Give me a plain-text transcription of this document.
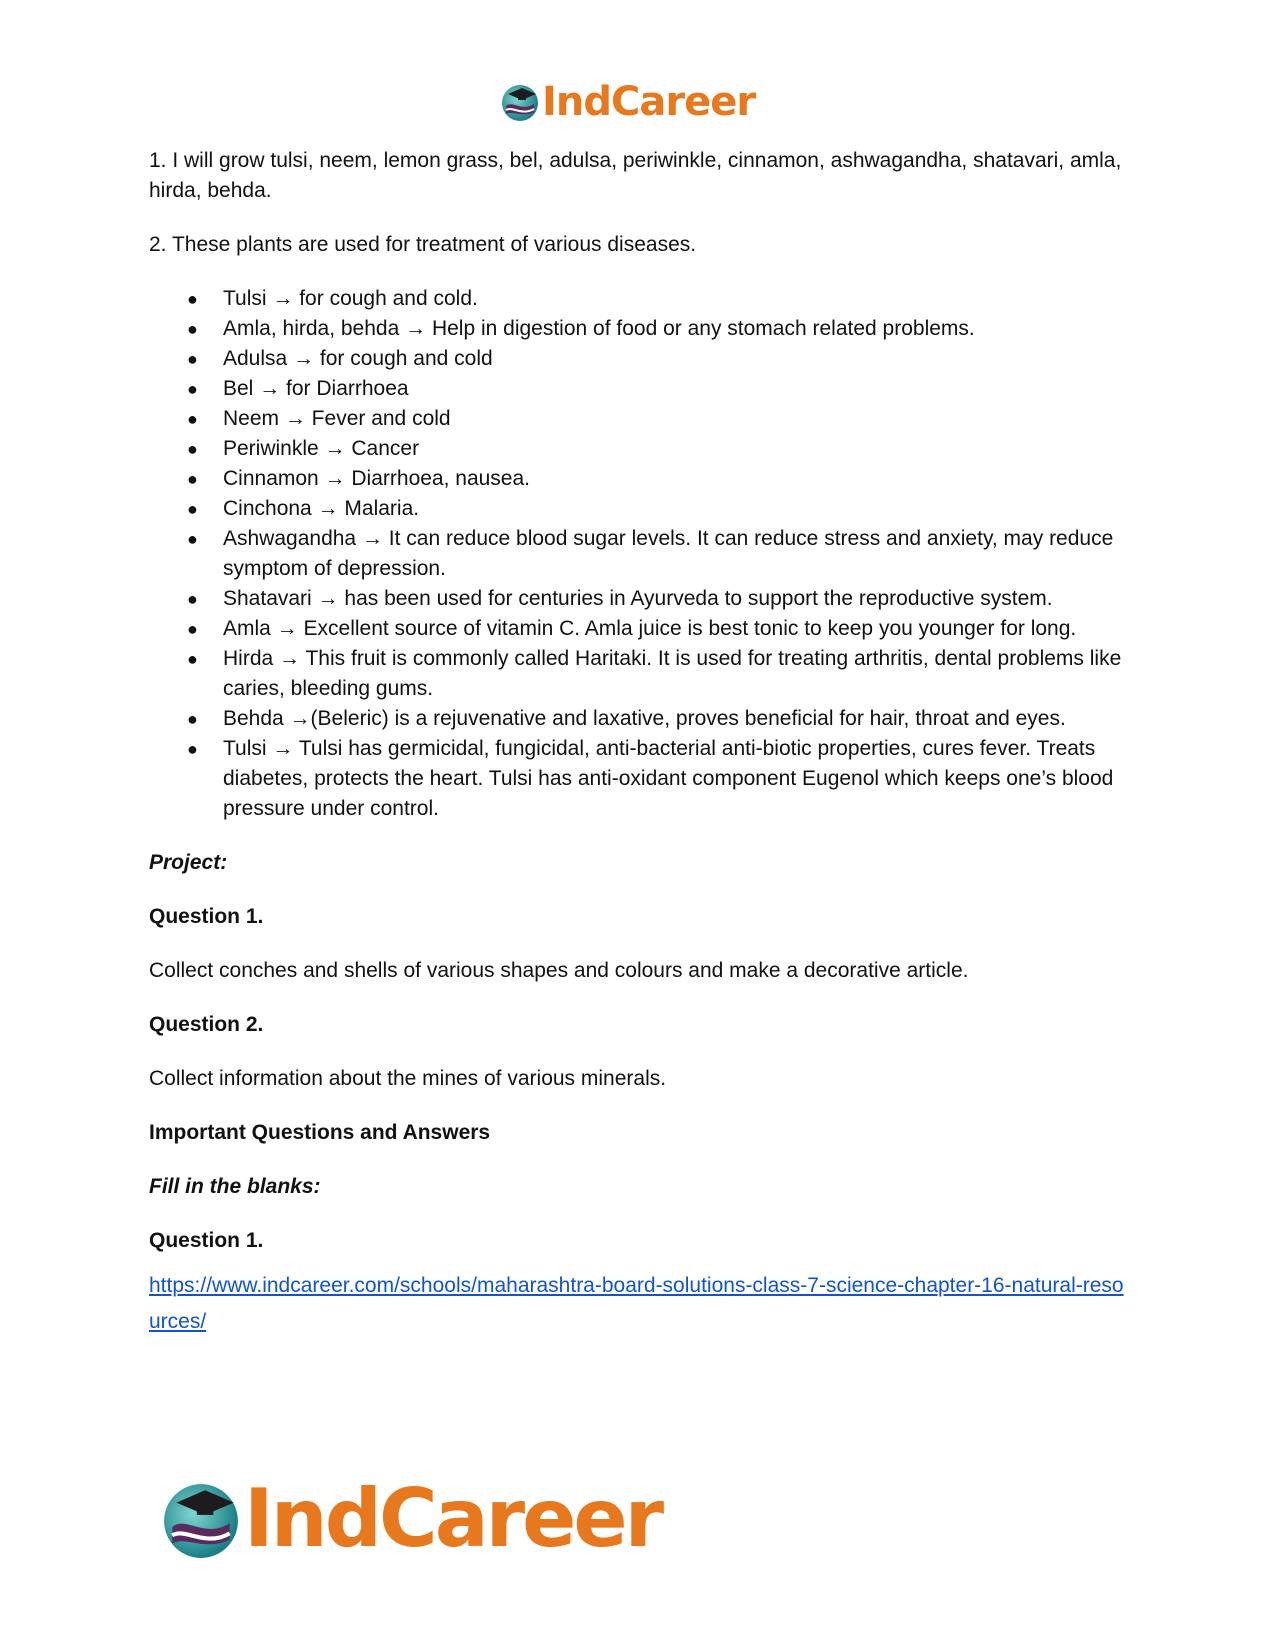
IndCareer

1. I will grow tulsi, neem, lemon grass, bel, adulsa, periwinkle, cinnamon, ashwagandha, shatavari, amla, hirda, behda.

2. These plants are used for treatment of various diseases.

● Tulsi → for cough and cold.
● Amla, hirda, behda → Help in digestion of food or any stomach related problems.
● Adulsa → for cough and cold
● Bel → for Diarrhoea
● Neem → Fever and cold
● Periwinkle → Cancer
● Cinnamon → Diarrhoea, nausea.
● Cinchona → Malaria.
● Ashwagandha → It can reduce blood sugar levels. It can reduce stress and anxiety, may reduce symptom of depression.
● Shatavari → has been used for centuries in Ayurveda to support the reproductive system.
● Amla → Excellent source of vitamin C. Amla juice is best tonic to keep you younger for long.
● Hirda → This fruit is commonly called Haritaki. It is used for treating arthritis, dental problems like caries, bleeding gums.
● Behda →(Beleric) is a rejuvenative and laxative, proves beneficial for hair, throat and eyes.
● Tulsi → Tulsi has germicidal, fungicidal, anti-bacterial anti-biotic properties, cures fever. Treats diabetes, protects the heart. Tulsi has anti-oxidant component Eugenol which keeps one’s blood pressure under control.

Project:

Question 1.

Collect conches and shells of various shapes and colours and make a decorative article.

Question 2.

Collect information about the mines of various minerals.

Important Questions and Answers

Fill in the blanks:

Question 1.

https://www.indcareer.com/schools/maharashtra-board-solutions-class-7-science-chapter-16-natural-resources/
IndCareer
